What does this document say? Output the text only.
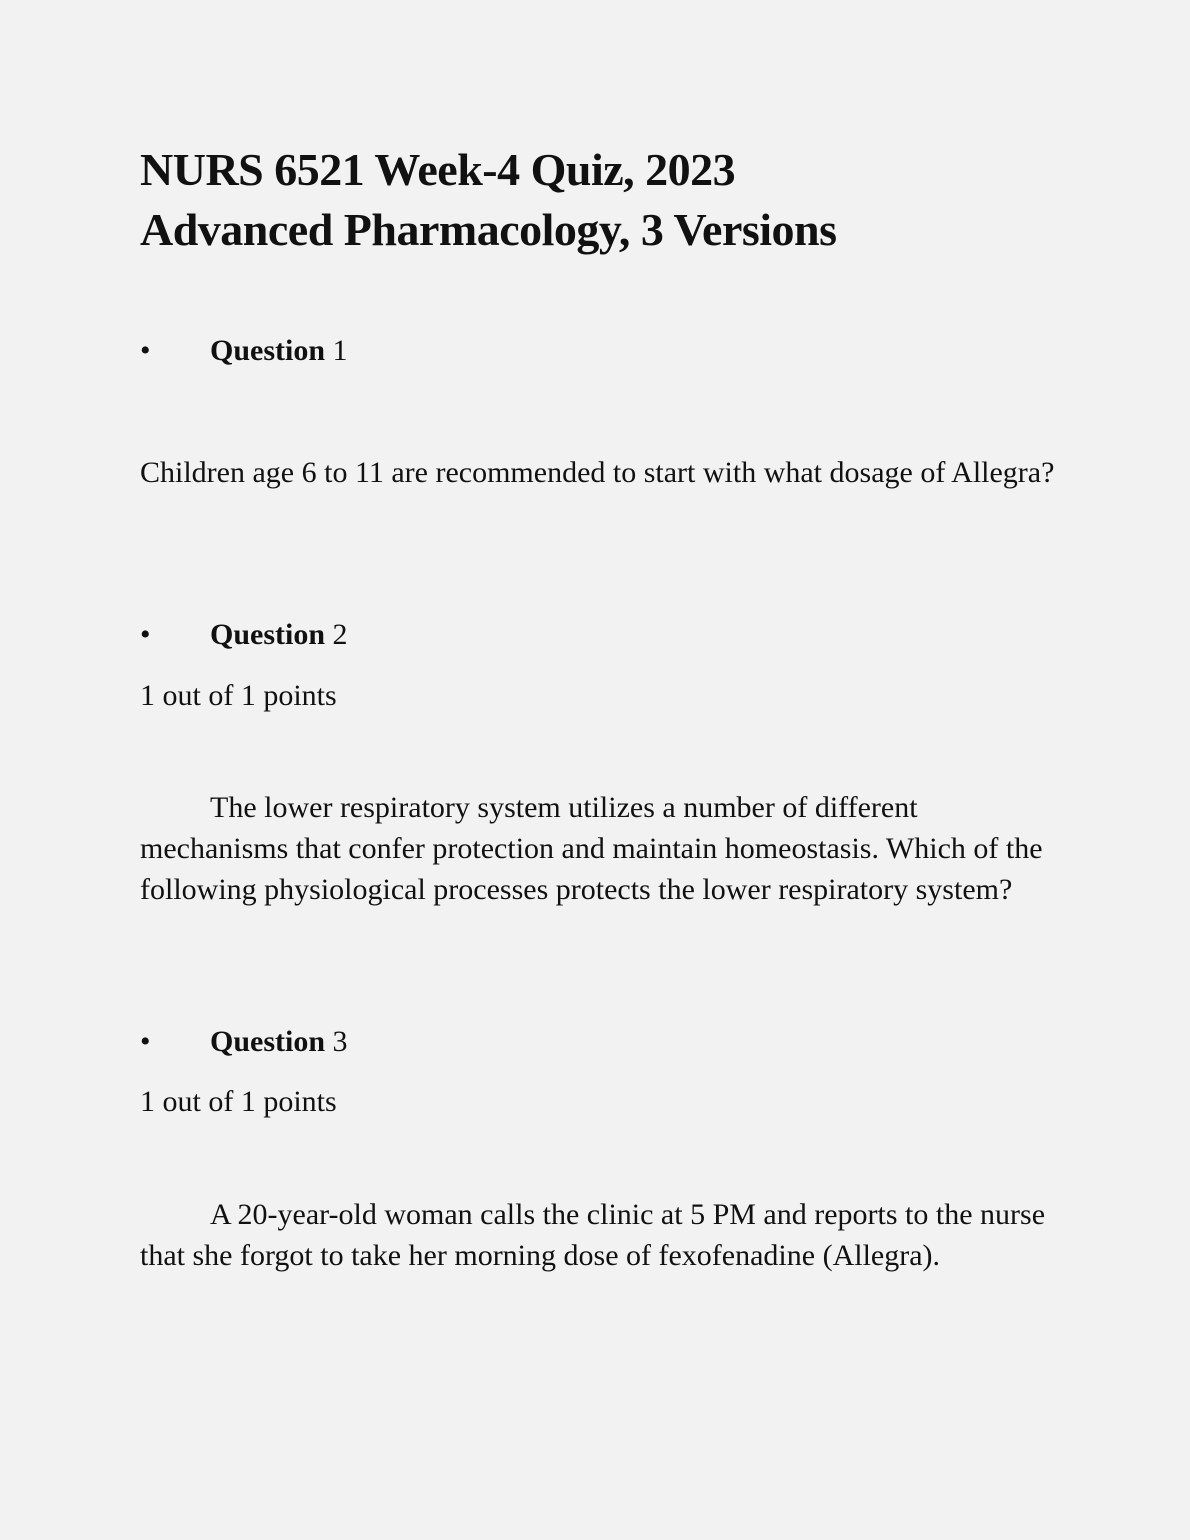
NURS 6521 Week-4 Quiz, 2023
Advanced Pharmacology, 3 Versions
• Question 1

Children age 6 to 11 are recommended to start with what dosage of Allegra?

• Question 2
1 out of 1 points

The lower respiratory system utilizes a number of different mechanisms that confer protection and maintain homeostasis. Which of the following physiological processes protects the lower respiratory system?

• Question 3
1 out of 1 points

A 20-year-old woman calls the clinic at 5 PM and reports to the nurse that she forgot to take her morning dose of fexofenadine (Allegra).
